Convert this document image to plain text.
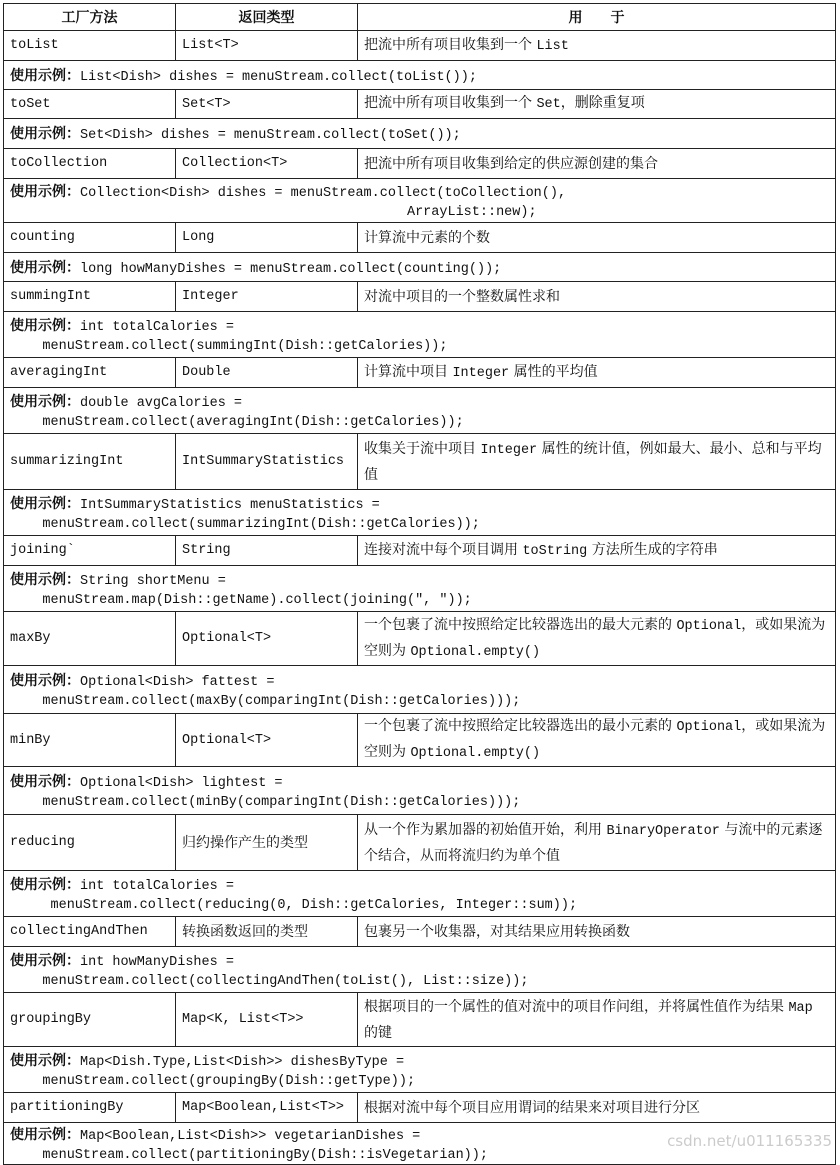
工厂方法	返回类型	用　　于
toList	List<T>	把流中所有项目收集到一个 List
使用示例：List<Dish> dishes = menuStream.collect(toList());		
toSet	Set<T>	把流中所有项目收集到一个 Set，删除重复项
使用示例：Set<Dish> dishes = menuStream.collect(toSet());		
toCollection	Collection<T>	把流中所有项目收集到给定的供应源创建的集合
使用示例：Collection<Dish> dishes = menuStream.collect(toCollection(),
ArrayList::new);		
counting	Long	计算流中元素的个数
使用示例：long howManyDishes = menuStream.collect(counting());		
summingInt	Integer	对流中项目的一个整数属性求和
使用示例：int totalCalories =
menuStream.collect(summingInt(Dish::getCalories));		
averagingInt	Double	计算流中项目 Integer 属性的平均值
使用示例：double avgCalories =
menuStream.collect(averagingInt(Dish::getCalories));		
summarizingInt	IntSummaryStatistics	收集关于流中项目 Integer 属性的统计值，例如最大、最小、总和与平均值
使用示例：IntSummaryStatistics menuStatistics =
menuStream.collect(summarizingInt(Dish::getCalories));		
joining`	String	连接对流中每个项目调用 toString 方法所生成的字符串
使用示例：String shortMenu =
menuStream.map(Dish::getName).collect(joining(", "));		
maxBy	Optional<T>	一个包裹了流中按照给定比较器选出的最大元素的 Optional，或如果流为空则为 Optional.empty()
使用示例：Optional<Dish> fattest =
menuStream.collect(maxBy(comparingInt(Dish::getCalories)));		
minBy	Optional<T>	一个包裹了流中按照给定比较器选出的最小元素的 Optional，或如果流为空则为 Optional.empty()
使用示例：Optional<Dish> lightest =
menuStream.collect(minBy(comparingInt(Dish::getCalories)));		
reducing	归约操作产生的类型	从一个作为累加器的初始值开始，利用 BinaryOperator 与流中的元素逐个结合，从而将流归约为单个值
使用示例：int totalCalories =
menuStream.collect(reducing(0, Dish::getCalories, Integer::sum));		
collectingAndThen	转换函数返回的类型	包裹另一个收集器，对其结果应用转换函数
使用示例：int howManyDishes =
menuStream.collect(collectingAndThen(toList(), List::size));		
groupingBy	Map<K, List<T>>	根据项目的一个属性的值对流中的项目作问组，并将属性值作为结果 Map 的键
使用示例：Map<Dish.Type,List<Dish>> dishesByType =
menuStream.collect(groupingBy(Dish::getType));		
partitioningBy	Map<Boolean,List<T>>	根据对流中每个项目应用谓词的结果来对项目进行分区
使用示例：Map<Boolean,List<Dish>> vegetarianDishes =
menuStream.collect(partitioningBy(Dish::isVegetarian));		
csdn.net/u011165335
